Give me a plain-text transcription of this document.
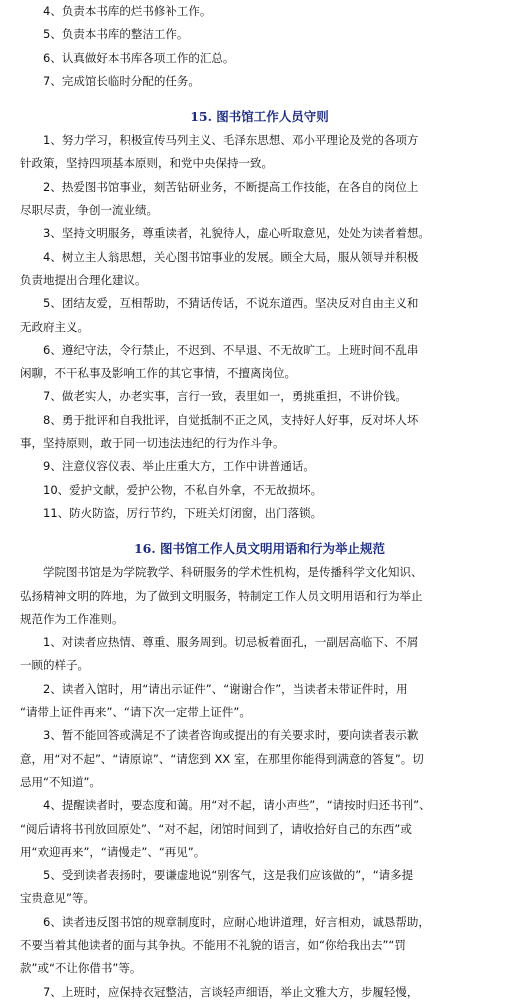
4、负责本书库的烂书修补工作。
5、负责本书库的整洁工作。
6、认真做好本书库各项工作的汇总。
7、完成馆长临时分配的任务。
15. 图书馆工作人员守则
1、努力学习，积极宣传马列主义、毛泽东思想、邓小平理论及党的各项方
针政策，坚持四项基本原则，和党中央保持一致。
2、热爱图书馆事业，刻苦钻研业务，不断提高工作技能，在各自的岗位上
尽职尽责，争创一流业绩。
3、坚持文明服务，尊重读者，礼貌待人，虚心听取意见，处处为读者着想。
4、树立主人翁思想，关心图书馆事业的发展。顾全大局，服从领导并积极
负责地提出合理化建议。
5、团结友爱，互相帮助，不猜话传话，不说东道西。坚决反对自由主义和
无政府主义。
6、遵纪守法，令行禁止，不迟到、不早退、不无故旷工。上班时间不乱串
闲聊，不干私事及影响工作的其它事情，不擅离岗位。
7、做老实人，办老实事，言行一致，表里如一，勇挑重担，不讲价钱。
8、勇于批评和自我批评，自觉抵制不正之风，支持好人好事，反对坏人坏
事，坚持原则，敢于同一切违法违纪的行为作斗争。
9、注意仪容仪表、举止庄重大方，工作中讲普通话。
10、爱护文献，爱护公物，不私自外拿，不无故损坏。
11、防火防盗，厉行节约，下班关灯闭窗，出门落锁。
16. 图书馆工作人员文明用语和行为举止规范
学院图书馆是为学院教学、科研服务的学术性机构，是传播科学文化知识、
弘扬精神文明的阵地，为了做到文明服务，特制定工作人员文明用语和行为举止
规范作为工作准则。
1、对读者应热情、尊重、服务周到。切忌板着面孔，一副居高临下、不屑
一顾的样子。
2、读者入馆时，用“请出示证件”、“谢谢合作”，当读者未带证件时，用
“请带上证件再来”、“请下次一定带上证件”。
3、暂不能回答或满足不了读者咨询或提出的有关要求时，要向读者表示歉
意，用“对不起”、“请原谅”、“请您到 XX 室，在那里你能得到满意的答复”。切
忌用“不知道”。
4、提醒读者时，要态度和蔼。用“对不起，请小声些”，“请按时归还书刊”、
“阅后请将书刊放回原处”、“对不起，闭馆时间到了，请收拾好自己的东西”或
用“欢迎再来”，“请慢走”、“再见”。
5、受到读者表扬时，要谦虚地说“别客气，这是我们应该做的”，“请多提
宝贵意见”等。
6、读者违反图书馆的规章制度时，应耐心地讲道理，好言相劝，诚恳帮助，
不要当着其他读者的面与其争执。不能用不礼貌的语言，如“你给我出去”“罚
款”或“不让你借书”等。
7、上班时，应保持衣冠整洁，言谈轻声细语，举止文雅大方，步履轻慢，
